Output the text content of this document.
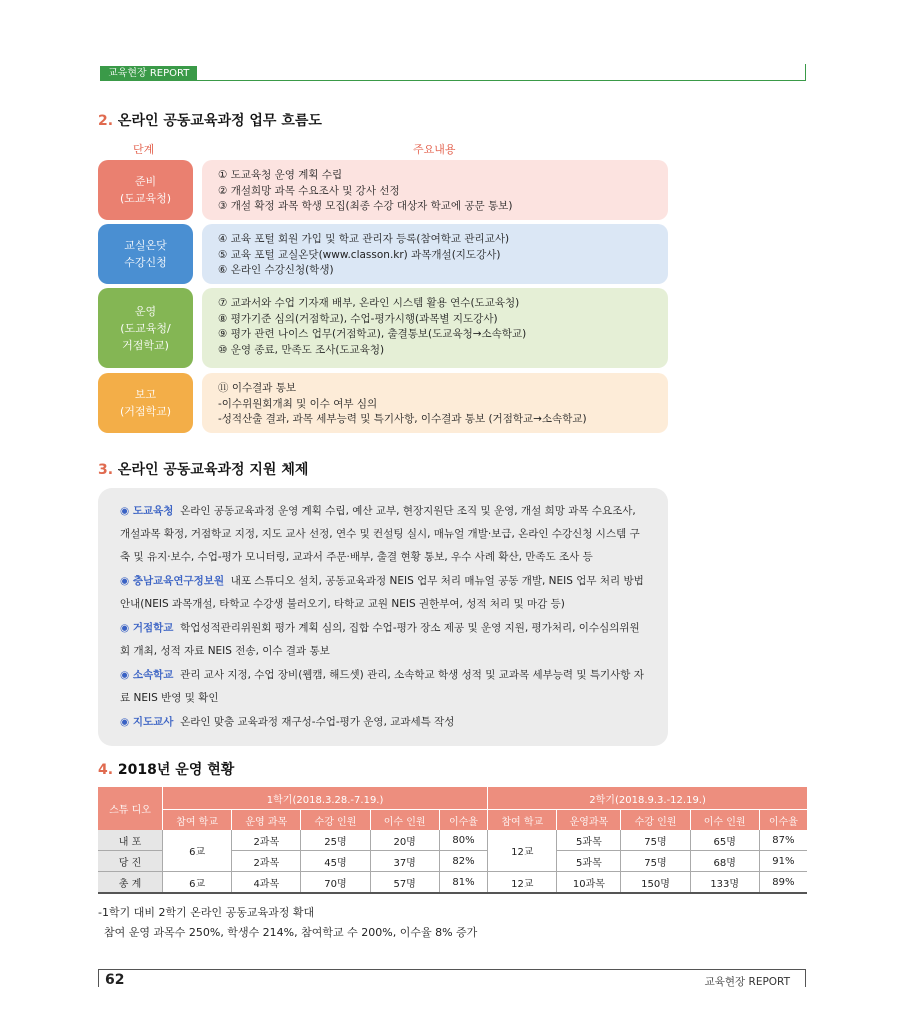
교육현장 REPORT
2. 온라인 공동교육과정 업무 흐름도
단계	주요내용
준비
(도교육청)
① 도교육청 운영 계획 수립
② 개설희망 과목 수요조사 및 강사 선정
③ 개설 확정 과목 학생 모집(최종 수강 대상자 학교에 공문 통보)
교실온닷
수강신청
④ 교육 포털 회원 가입 및 학교 관리자 등록(참여학교 관리교사)
⑤ 교육 포털 교실온닷(www.classon.kr) 과목개설(지도강사)
⑥ 온라인 수강신청(학생)
운영
(도교육청/
거점학교)
⑦ 교과서와 수업 기자재 배부, 온라인 시스템 활용 연수(도교육청)
⑧ 평가기준 심의(거점학교), 수업-평가시행(과목별 지도강사)
⑨ 평가 관련 나이스 업무(거점학교), 출결통보(도교육청→소속학교)
⑩ 운영 종료, 만족도 조사(도교육청)
보고
(거점학교)
⑪ 이수결과 통보
-이수위원회개최 및 이수 여부 심의
-성적산출 결과, 과목 세부능력 및 특기사항, 이수결과 통보 (거점학교→소속학교)
3. 온라인 공동교육과정 지원 체제

◉ 도교육청 온라인 공동교육과정 운영 계획 수립, 예산 교부, 현장지원단 조직 및 운영, 개설 희망 과목 수요조사, 개설과목 확정, 거점학교 지정, 지도 교사 선정, 연수 및 컨설팅 실시, 매뉴얼 개발·보급, 온라인 수강신청 시스템 구축 및 유지·보수, 수업-평가 모니터링, 교과서 주문·배부, 출결 현황 통보, 우수 사례 확산, 만족도 조사 등

◉ 충남교육연구정보원 내포 스튜디오 설치, 공동교육과정 NEIS 업무 처리 매뉴얼 공동 개발, NEIS 업무 처리 방법 안내(NEIS 과목개설, 타학교 수강생 불러오기, 타학교 교원 NEIS 권한부여, 성적 처리 및 마감 등)

◉ 거점학교 학업성적관리위원회 평가 계획 심의, 집합 수업-평가 장소 제공 및 운영 지원, 평가처리, 이수심의위원회 개최, 성적 자료 NEIS 전송, 이수 결과 통보

◉ 소속학교 관리 교사 지정, 수업 장비(웹캠, 해드셋) 관리, 소속학교 학생 성적 및 교과목 세부능력 및 특기사항 자료 NEIS 반영 및 확인

◉ 지도교사 온라인 맞춤 교육과정 재구성-수업-평가 운영, 교과세특 작성

4. 2018년 운영 현황
스튜 디오	1학기(2018.3.28.-7.19.)					2학기(2018.9.3.-12.19.)				
	참여 학교	운영 과목	수강 인원	이수 인원	이수율	참여 학교	운영과목	수강 인원	이수 인원	이수율
내 포	6교	2과목	25명	20명	80%	12교	5과목	75명	65명	87%
당 진		2과목	45명	37명	82%		5과목	75명	68명	91%
총 계	6교	4과목	70명	57명	81%	12교	10과목	150명	133명	89%
-1학기 대비 2학기 온라인 공동교육과정 확대
참여 운영 과목수 250%, 학생수 214%, 참여학교 수 200%, 이수율 8% 증가
62	교육현장 REPORT
